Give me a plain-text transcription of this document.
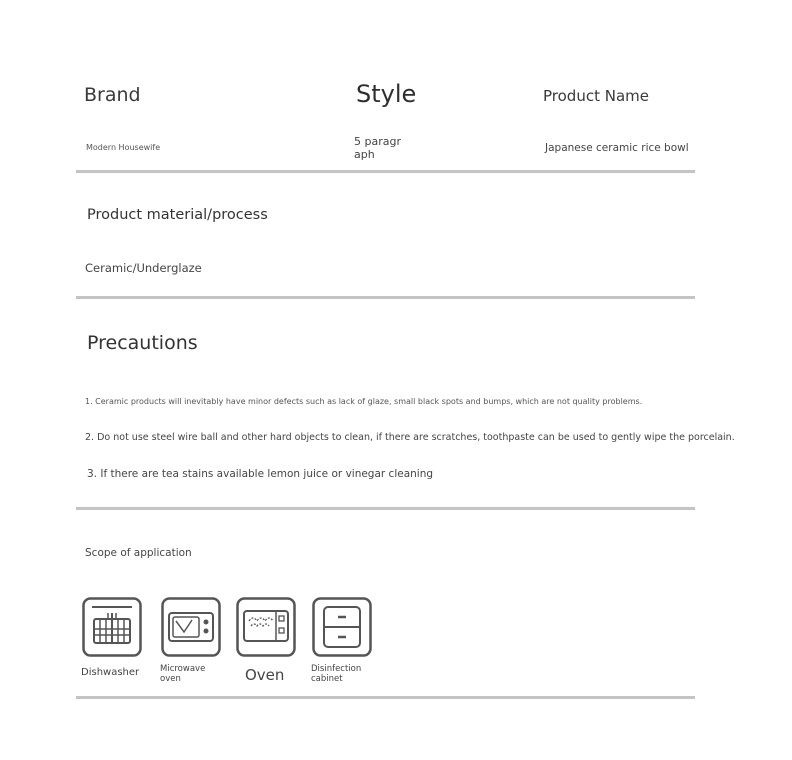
Brand	Style	Product Name
Modern Housewife	5 paragr aph	Japanese ceramic rice bowl
Product material/process
Ceramic/Underglaze
Precautions
1. Ceramic products will inevitably have minor defects such as lack of glaze, small black spots and bumps, which are not quality problems.
2. Do not use steel wire ball and other hard objects to clean, if there are scratches, toothpaste can be used to gently wipe the porcelain.
3. If there are tea stains available lemon juice or vinegar cleaning
Scope of application
Dishwasher Microwave
oven	Oven	Disinfection
cabinet
